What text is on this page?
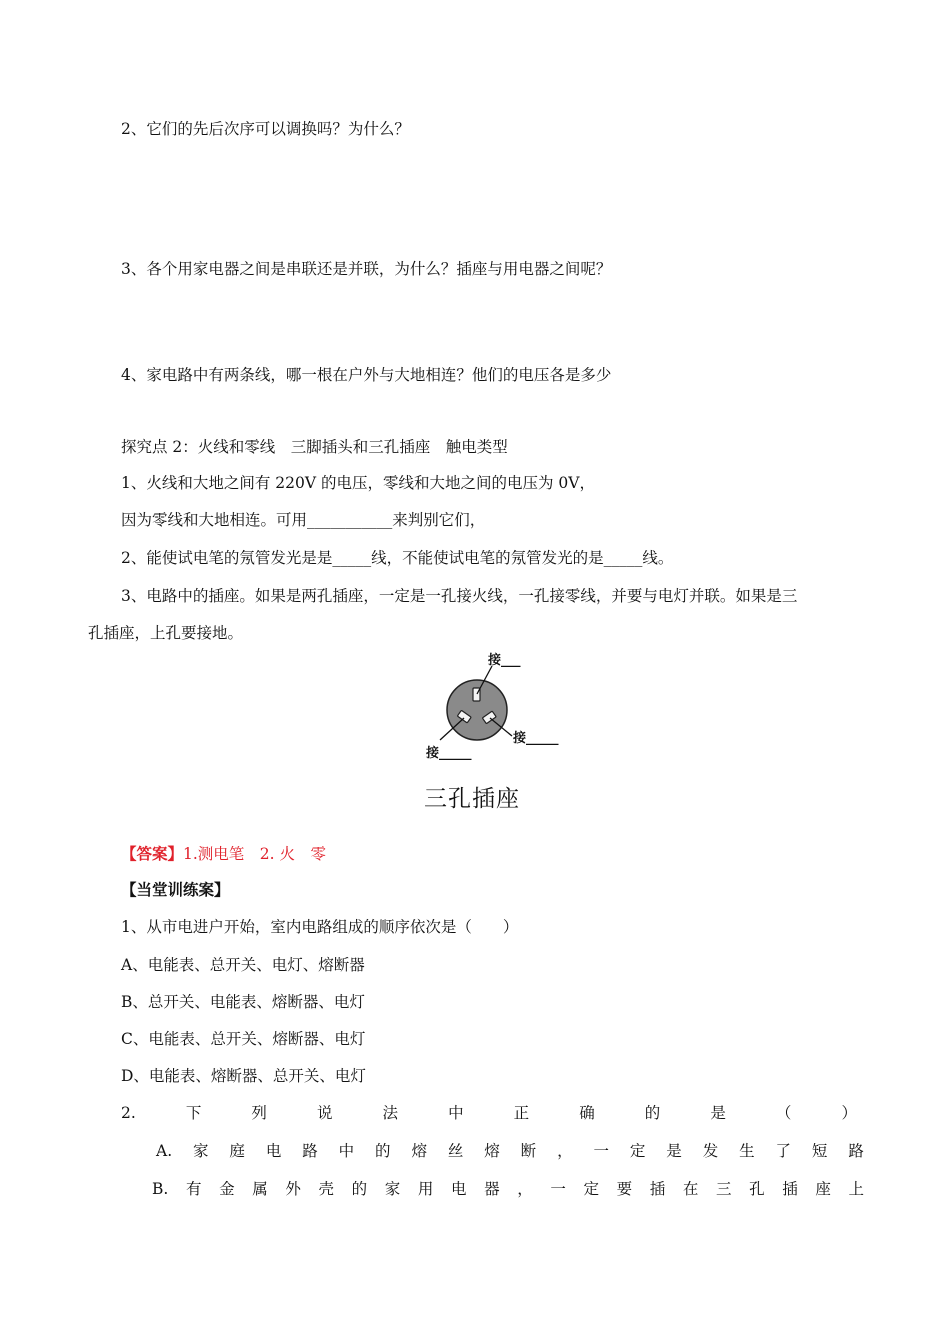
2、它们的先后次序可以调换吗？为什么？
3、各个用家电器之间是串联还是并联，为什么？插座与用电器之间呢？
4、家电路中有两条线，哪一根在户外与大地相连？他们的电压各是多少
探究点 2：火线和零线　三脚插头和三孔插座　触电类型
1、火线和大地之间有 220V 的电压，零线和大地之间的电压为 0V，
因为零线和大地相连。可用___________来判别它们，
2、能使试电笔的氖管发光是是_____线，不能使试电笔的氖管发光的是_____线。
3、电路中的插座。如果是两孔插座，一定是一孔接火线，一孔接零线，并要与电灯并联。如果是三
孔插座，上孔要接地。
接___
接_____
接_____
三孔插座
【答案】1.测电笔　2. 火　零
【当堂训练案】
1、从市电进户开始，室内电路组成的顺序依次是（　　）
A、电能表、总开关、电灯、熔断器
B、总开关、电能表、熔断器、电灯
C、电能表、总开关、熔断器、电灯
D、电能表、熔断器、总开关、电灯
2.	下	列	说	法	中	正	确	的	是	（	）
A. 家 庭 电 路 中 的 熔 丝 熔 断 ， 一 定 是 发 生 了 短 路
B. 有 金 属 外 壳 的 家 用 电 器 ， 一 定 要 插 在 三 孔 插 座 上
